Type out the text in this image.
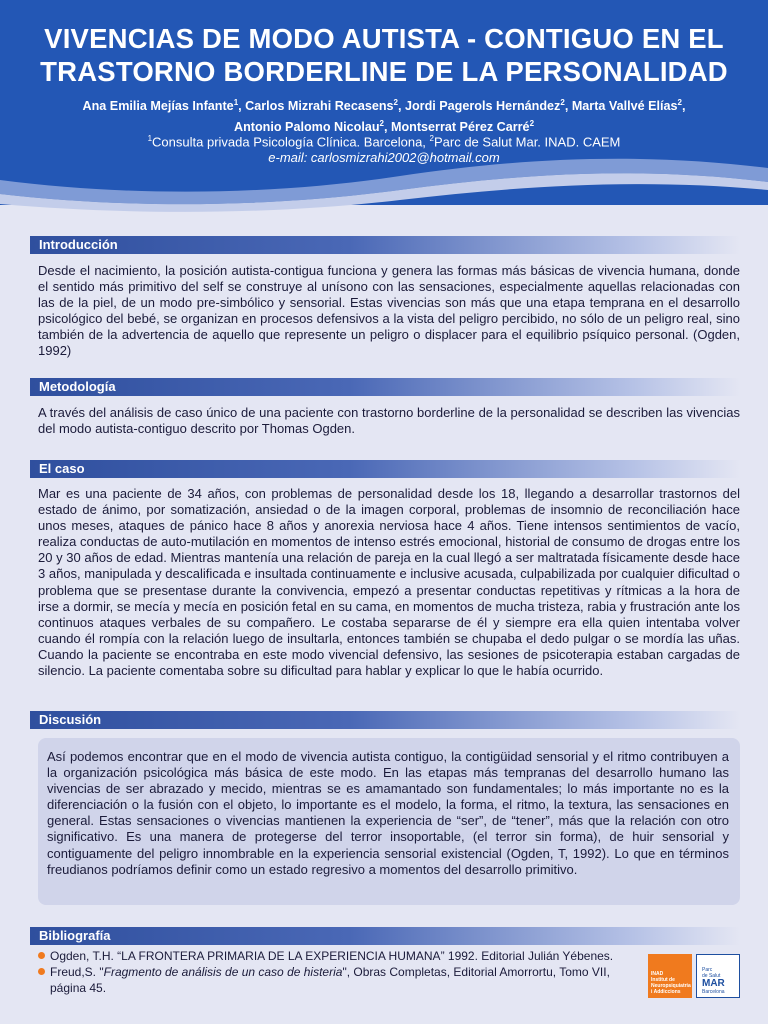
VIVENCIAS DE MODO AUTISTA - CONTIGUO EN EL
TRASTORNO BORDERLINE DE LA PERSONALIDAD
Ana Emilia Mejías Infante$^1$, Carlos Mizrahi Recasens$^2$, Jordi Pagerols Hernández$^2$, Marta Vallvé Elías$^2$,
Antonio Palomo Nicolau$^2$, Montserrat Pérez Carré$^2$
$^1$Consulta privada Psicología Clínica. Barcelona, $^2$Parc de Salut Mar. INAD. CAEM
e-mail: carlosmizrahi2002@hotmail.com
Introducción
Desde el nacimiento, la posición autista-contigua funciona y genera las formas más básicas de vivencia humana, donde el sentido más primitivo del self se construye al unísono con las sensaciones, especialmente aquellas relacionadas con las de la piel, de un modo pre-simbólico y sensorial. Estas vivencias son más que una etapa temprana en el desarrollo psicológico del bebé, se organizan en procesos defensivos a la vista del peligro percibido, no sólo de un peligro real, sino también de la advertencia de aquello que represente un peligro o displacer para el equilibrio psíquico personal. (Ogden, 1992)
Metodología
A través del análisis de caso único de una paciente con trastorno borderline de la personalidad se describen las vivencias del modo autista-contiguo descrito por Thomas Ogden.
El caso
Mar es una paciente de 34 años, con problemas de personalidad desde los 18, llegando a desarrollar trastornos del estado de ánimo, por somatización, ansiedad o de la imagen corporal, problemas de insomnio de reconciliación hace unos meses, ataques de pánico hace 8 años y anorexia nerviosa hace 4 años. Tiene intensos sentimientos de vacío, realiza conductas de auto-mutilación en momentos de intenso estrés emocional, historial de consumo de drogas entre los 20 y 30 años de edad. Mientras mantenía una relación de pareja en la cual llegó a ser maltratada físicamente desde hace 3 años, manipulada y descalificada e insultada continuamente e inclusive acusada, culpabilizada por cualquier dificultad o problema que se presentase durante la convivencia, empezó a presentar conductas repetitivas y rítmicas a la hora de irse a dormir, se mecía y mecía en posición fetal en su cama, en momentos de mucha tristeza, rabia y frustración ante los continuos ataques verbales de su compañero. Le costaba separarse de él y siempre era ella quien intentaba volver cuando él rompía con la relación luego de insultarla, entonces también se chupaba el dedo pulgar o se mordía las uñas. Cuando la paciente se encontraba en este modo vivencial defensivo, las sesiones de psicoterapia estaban cargadas de silencio. La paciente comentaba sobre su dificultad para hablar y explicar lo que le había ocurrido.
Discusión
Así podemos encontrar que en el modo de vivencia autista contiguo, la contigüidad sensorial y el ritmo contribuyen a la organización psicológica más básica de este modo. En las etapas más tempranas del desarrollo humano las vivencias de ser abrazado y mecido, mientras se es amamantado son fundamentales; lo más importante no es la diferenciación o la fusión con el objeto, lo importante es el modelo, la forma, el ritmo, la textura, las sensaciones en general. Estas sensaciones o vivencias mantienen la experiencia de “ser”, de “tener”, más que la relación con otro significativo. Es una manera de protegerse del terror insoportable, (el terror sin forma), de huir sensorial y contiguamente del peligro innombrable en la experiencia sensorial existencial (Ogden, T, 1992). Lo que en términos freudianos podríamos definir como un estado regresivo a momentos del desarrollo primitivo.
Bibliografía
Ogden, T.H. “LA FRONTERA PRIMARIA DE LA EXPERIENCIA HUMANA” 1992. Editorial Julián Yébenes.
Freud,S. "Fragmento de análisis de un caso de histeria", Obras Completas, Editorial Amorrortu, Tomo VII, página 45.
INAD
Institut de
Neuropsiquiatria
i Addiccions
Parc
de Salut
MAR
Barcelona
